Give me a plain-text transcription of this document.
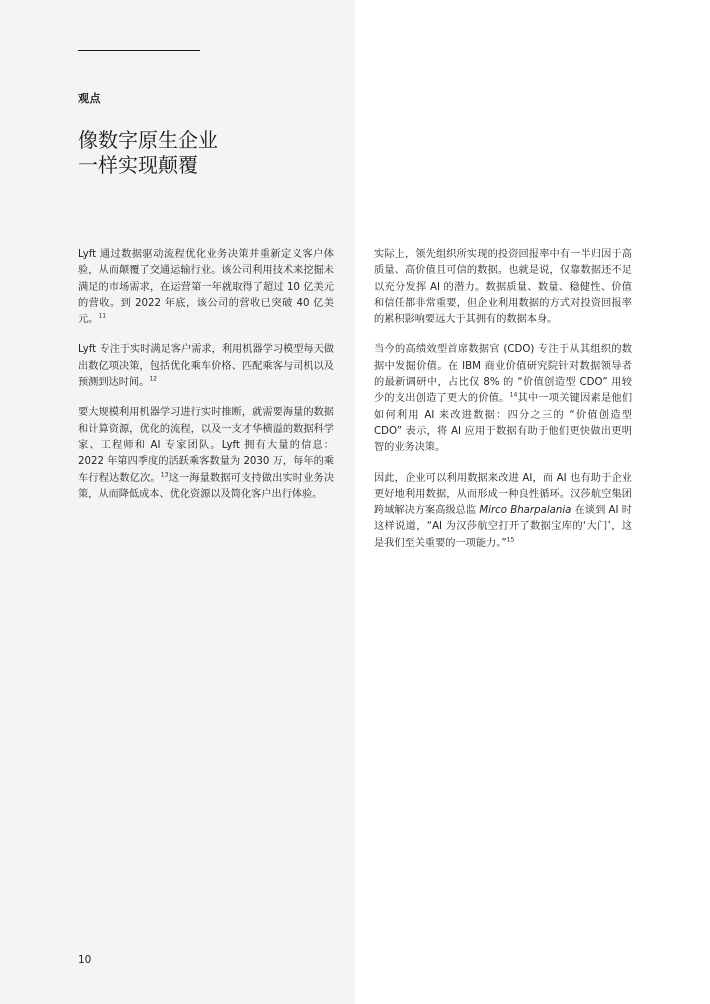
观点
像数字原生企业
一样实现颠覆

Lyft 通过数据驱动流程优化业务决策并重新定义客户体验，从而颠覆了交通运输行业。该公司利用技术来挖掘未满足的市场需求，在运营第一年就取得了超过 10 亿美元的营收。到 2022 年底，该公司的营收已突破 40 亿美元。$^{11}$

Lyft 专注于实时满足客户需求，利用机器学习模型每天做出数亿项决策，包括优化乘车价格、匹配乘客与司机以及预测到达时间。$^{12}$

要大规模利用机器学习进行实时推断，就需要海量的数据和计算资源，优化的流程，以及一支才华横溢的数据科学家、工程师和 AI 专家团队。Lyft 拥有大量的信息：2022 年第四季度的活跃乘客数量为 2030 万，每年的乘车行程达数亿次。$^{13}$这一海量数据可支持做出实时业务决策，从而降低成本、优化资源以及简化客户出行体验。

实际上，领先组织所实现的投资回报率中有一半归因于高质量、高价值且可信的数据。也就是说，仅靠数据还不足以充分发挥 AI 的潜力。数据质量、数量、稳健性、价值和信任都非常重要，但企业利用数据的方式对投资回报率的累积影响要远大于其拥有的数据本身。

当今的高绩效型首席数据官 (CDO) 专注于从其组织的数据中发掘价值。在 IBM 商业价值研究院针对数据领导者的最新调研中，占比仅 8% 的 “价值创造型 CDO” 用较少的支出创造了更大的价值。$^{14}$其中一项关键因素是他们如何利用 AI 来改进数据：四分之三的 “价值创造型 CDO” 表示，将 AI 应用于数据有助于他们更快做出更明智的业务决策。

因此，企业可以利用数据来改进 AI，而 AI 也有助于企业更好地利用数据，从而形成一种良性循环。汉莎航空集团跨域解决方案高级总监 Mirco Bharpalania 在谈到 AI 时这样说道，“AI 为汉莎航空打开了数据宝库的‘大门’，这是我们至关重要的一项能力。”$^{15}$

10
